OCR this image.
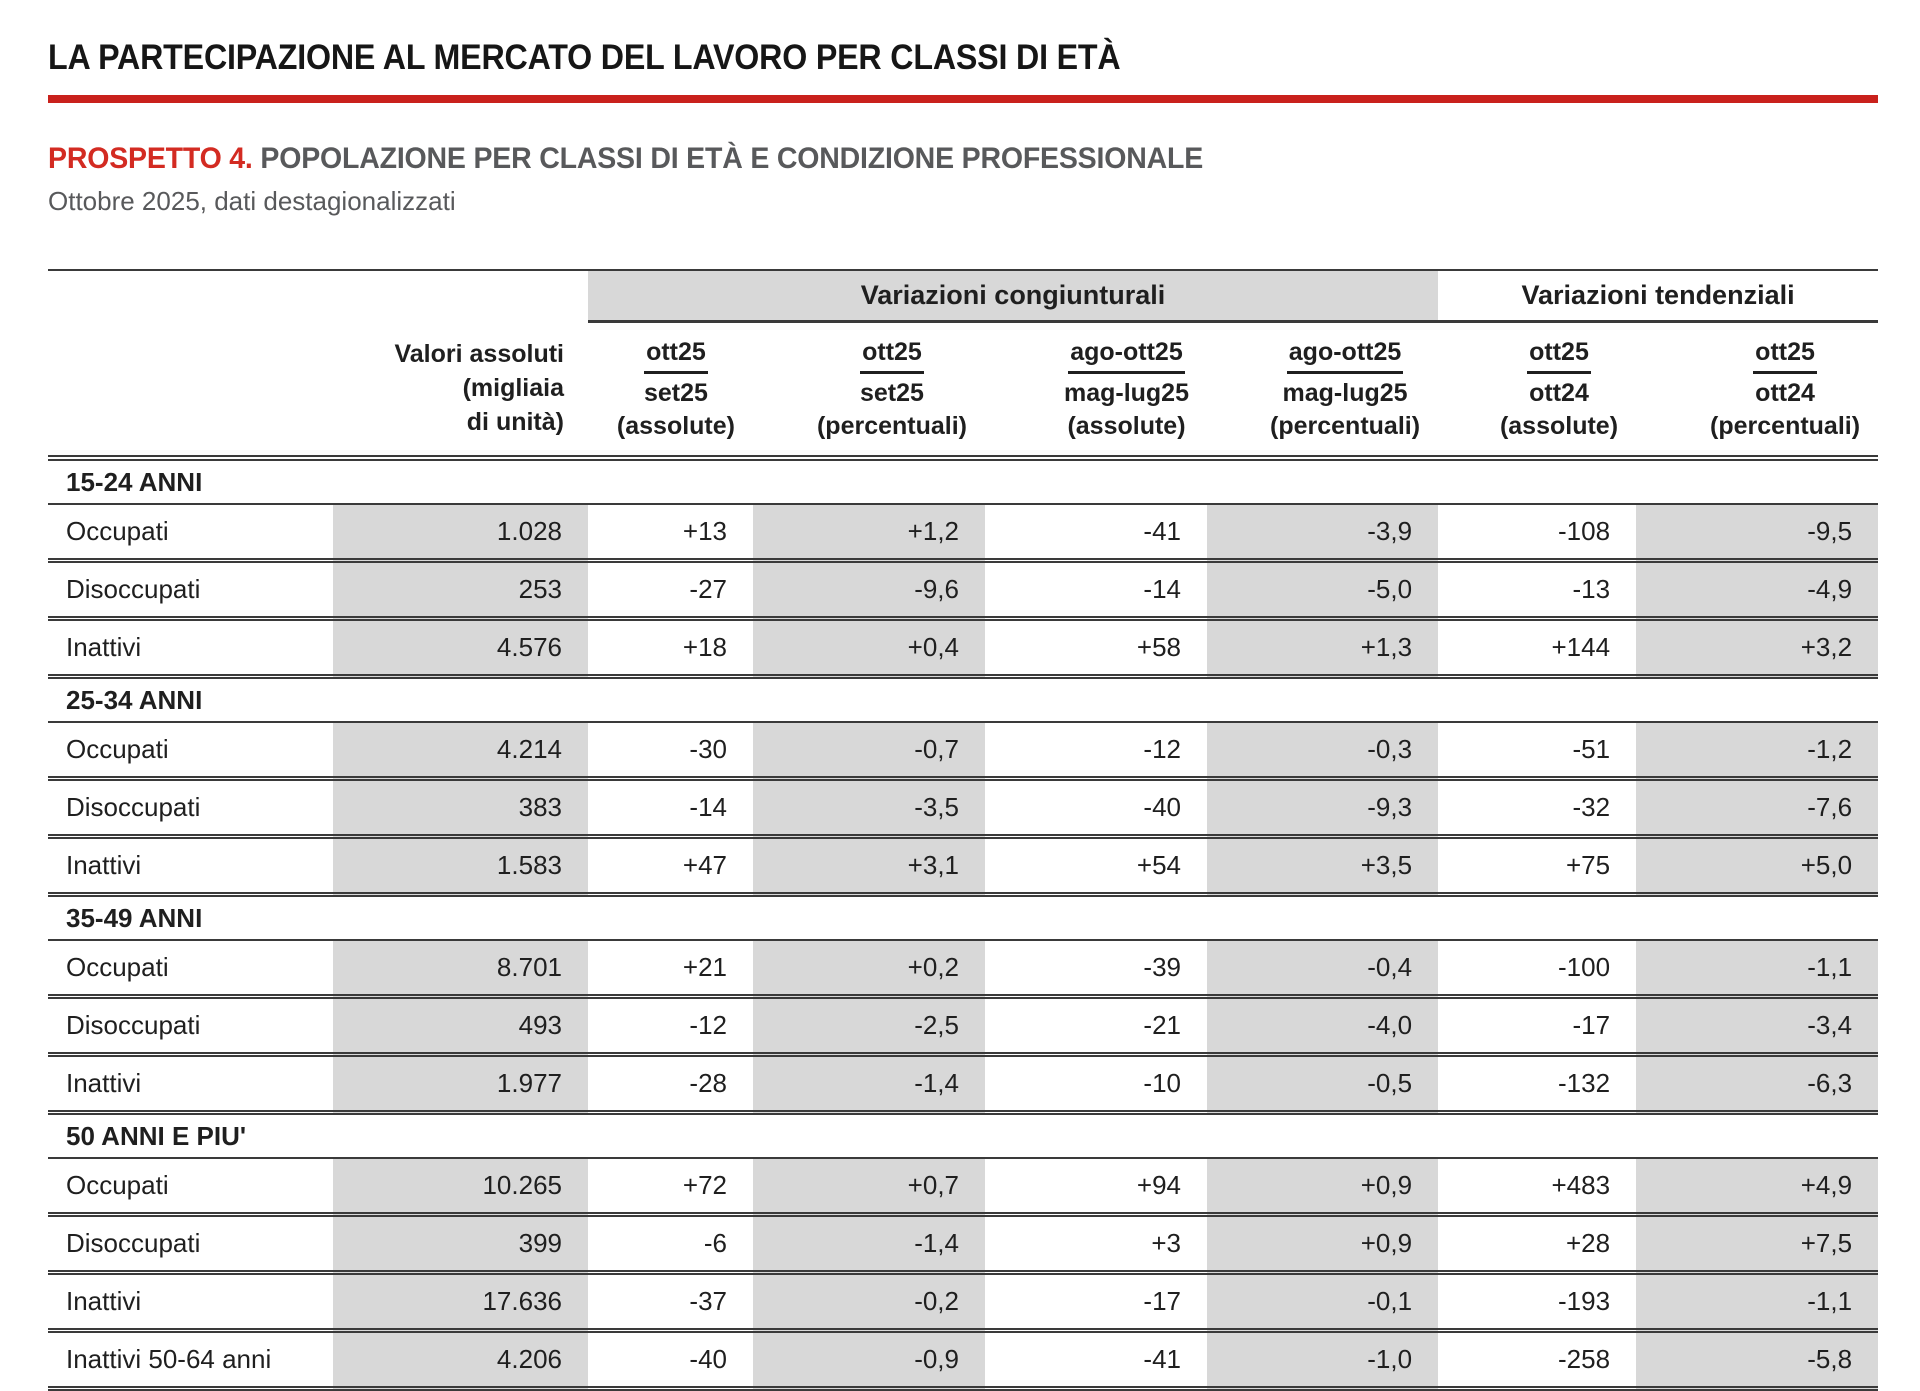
LA PARTECIPAZIONE AL MERCATO DEL LAVORO PER CLASSI DI ETÀ
PROSPETTO 4. POPOLAZIONE PER CLASSI DI ETÀ E CONDIZIONE PROFESSIONALE
Ottobre 2025, dati destagionalizzati
		Variazioni congiunturali				Variazioni tendenziali	

	Valori assoluti
(migliaia
di unità)	ott25
set25
(assolute)	ott25
set25
(percentuali)	ago-ott25
mag-lug25
(assolute)	ago-ott25
mag-lug25
(percentuali)	ott25
ott24
(assolute)	ott25
ott24
(percentuali)

15-24 ANNI							
Occupati	1.028	+13	+1,2	-41	-3,9	-108	-9,5
Disoccupati	253	-27	-9,6	-14	-5,0	-13	-4,9
Inattivi	4.576	+18	+0,4	+58	+1,3	+144	+3,2
25-34 ANNI							
Occupati	4.214	-30	-0,7	-12	-0,3	-51	-1,2
Disoccupati	383	-14	-3,5	-40	-9,3	-32	-7,6
Inattivi	1.583	+47	+3,1	+54	+3,5	+75	+5,0
35-49 ANNI							
Occupati	8.701	+21	+0,2	-39	-0,4	-100	-1,1
Disoccupati	493	-12	-2,5	-21	-4,0	-17	-3,4
Inattivi	1.977	-28	-1,4	-10	-0,5	-132	-6,3
50 ANNI E PIU'							
Occupati	10.265	+72	+0,7	+94	+0,9	+483	+4,9
Disoccupati	399	-6	-1,4	+3	+0,9	+28	+7,5
Inattivi	17.636	-37	-0,2	-17	-0,1	-193	-1,1
Inattivi 50-64 anni	4.206	-40	-0,9	-41	-1,0	-258	-5,8
